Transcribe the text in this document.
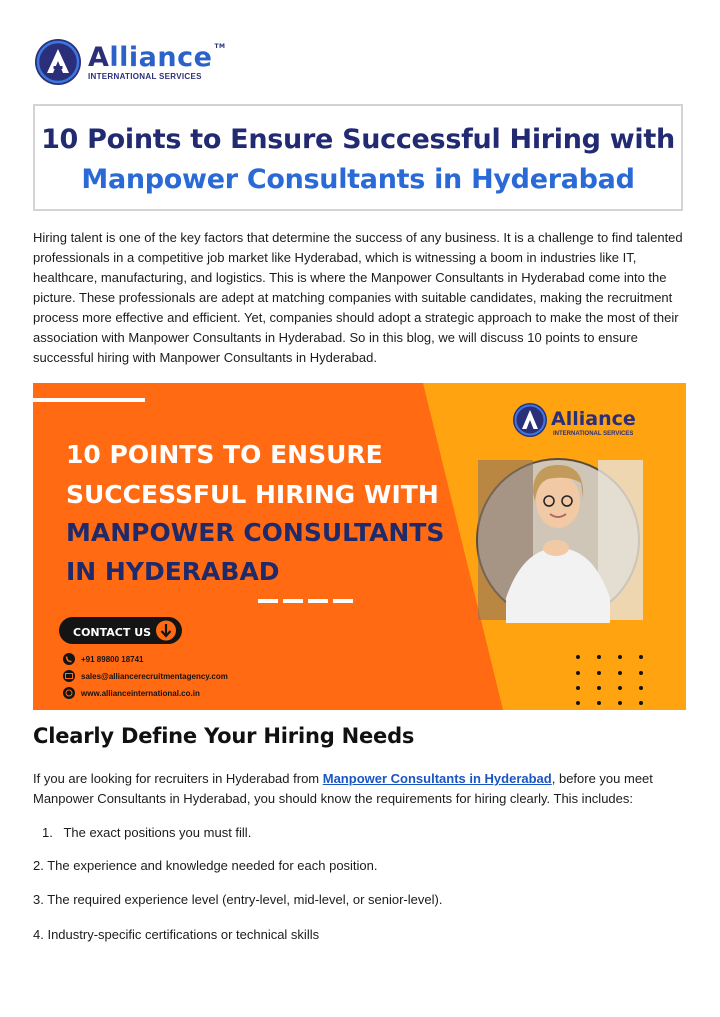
Alliance ™
INTERNATIONAL SERVICES
10 Points to Ensure Successful Hiring with
Manpower Consultants in Hyderabad
Hiring talent is one of the key factors that determine the success of any business. It is a challenge to find talented professionals in a competitive job market like Hyderabad, which is witnessing a boom in industries like IT, healthcare, manufacturing, and logistics. This is where the Manpower Consultants in Hyderabad come into the picture. These professionals are adept at matching companies with suitable candidates, making the recruitment process more effective and efficient. Yet, companies should adopt a strategic approach to make the most of their association with Manpower Consultants in Hyderabad. So in this blog, we will discuss 10 points to ensure successful hiring with Manpower Consultants in Hyderabad.
10 POINTS TO ENSURE
SUCCESSFUL HIRING WITH
MANPOWER CONSULTANTS
IN HYDERABAD
CONTACT US
+91 89800 18741
sales@alliancerecruitmentagency.com
www.allianceinternational.co.in
Alliance
INTERNATIONAL SERVICES
Clearly Define Your Hiring Needs
If you are looking for recruiters in Hyderabad from Manpower Consultants in Hyderabad, before you meet Manpower Consultants in Hyderabad, you should know the requirements for hiring clearly. This includes:
1.   The exact positions you must fill.
2. The experience and knowledge needed for each position.
3. The required experience level (entry-level, mid-level, or senior-level).
4. Industry-specific certifications or technical skills
